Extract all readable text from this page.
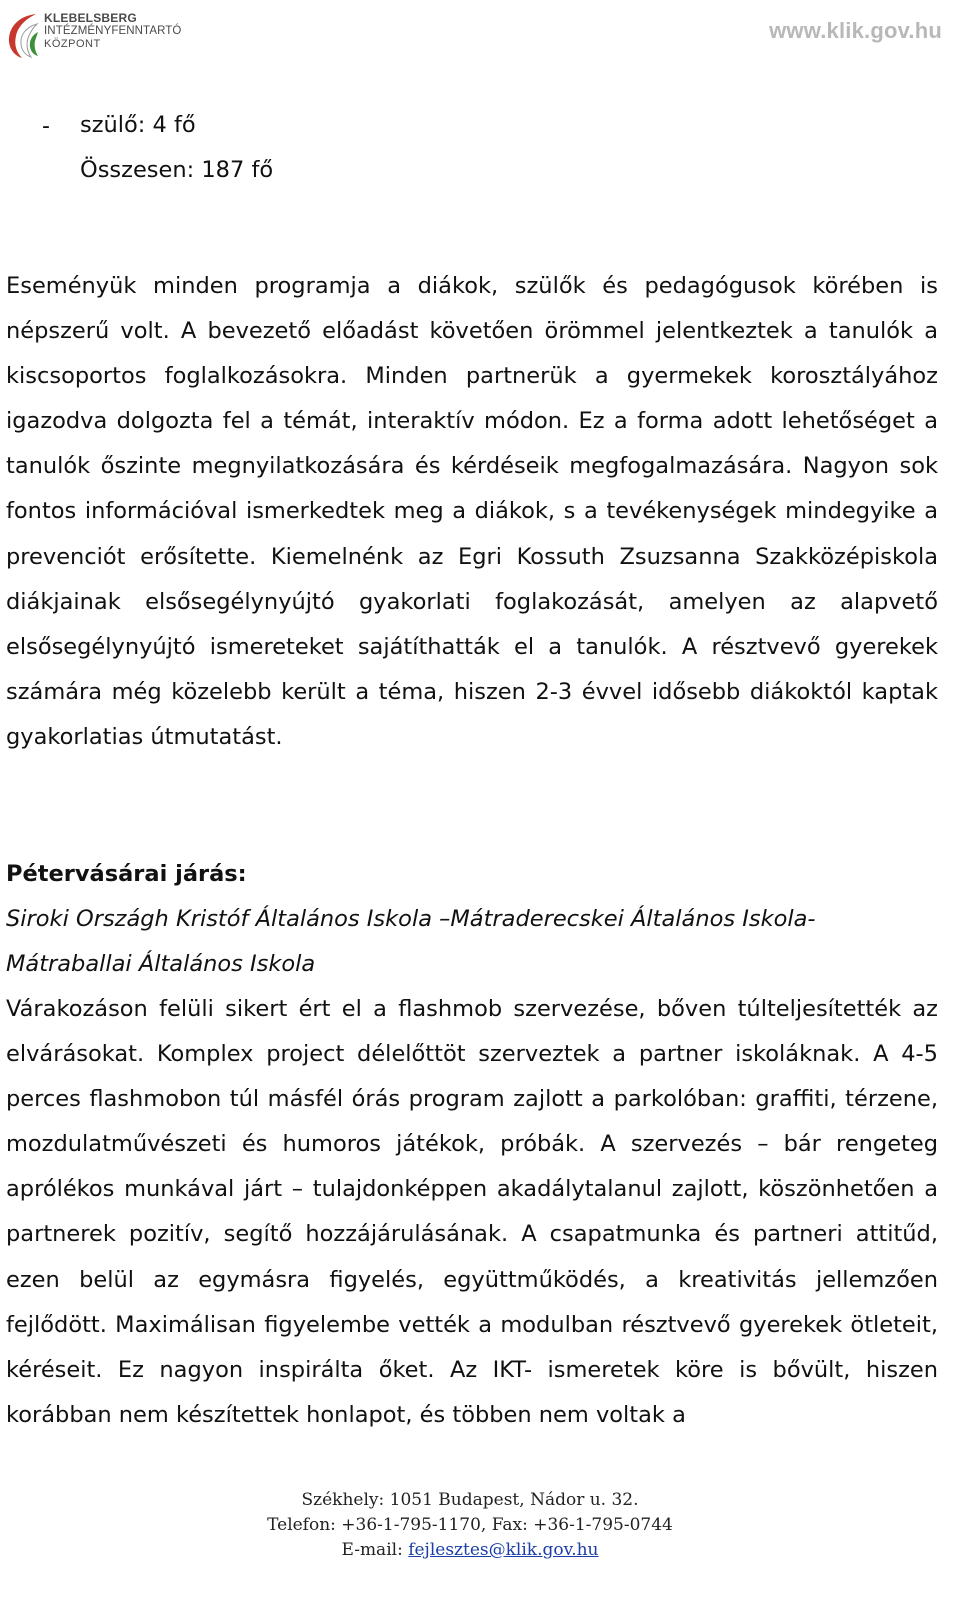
KLEBELSBERG
INTÉZMÉNYFENNTARTÓ
KÖZPONT
www.klik.gov.hu
- szülő: 4 fő
Összesen: 187 fő

Eseményük minden programja a diákok, szülők és pedagógusok körében is népszerű volt. A bevezető előadást követően örömmel jelentkeztek a tanulók a kiscsoportos foglalkozásokra. Minden partnerük a gyermekek korosztályához igazodva dolgozta fel a témát, interaktív módon. Ez a forma adott lehetőséget a tanulók őszinte megnyilatkozására és kérdéseik megfogalmazására. Nagyon sok fontos információval ismerkedtek meg a diákok, s a tevékenységek mindegyike a prevenciót erősítette. Kiemelnénk az Egri Kossuth Zsuzsanna Szakközépiskola diákjainak elsősegélynyújtó gyakorlati foglakozását, amelyen az alapvető elsősegélynyújtó ismereteket sajátíthatták el a tanulók. A résztvevő gyerekek számára még közelebb került a téma, hiszen 2-3 évvel idősebb diákoktól kaptak gyakorlatias útmutatást.

Pétervásárai járás:
Siroki Országh Kristóf Általános Iskola –Mátraderecskei Általános Iskola-Mátraballai Általános Iskola

Várakozáson felüli sikert ért el a flashmob szervezése, bőven túlteljesítették az elvárásokat. Komplex project délelőttöt szerveztek a partner iskoláknak. A 4-5 perces flashmobon túl másfél órás program zajlott a parkolóban: graffiti, térzene, mozdulatművészeti és humoros játékok, próbák. A szervezés – bár rengeteg aprólékos munkával járt – tulajdonképpen akadálytalanul zajlott, köszönhetően a partnerek pozitív, segítő hozzájárulásának. A csapatmunka és partneri attitűd, ezen belül az egymásra figyelés, együttműködés, a kreativitás jellemzően fejlődött. Maximálisan figyelembe vették a modulban résztvevő gyerekek ötleteit, kéréseit. Ez nagyon inspirálta őket. Az IKT- ismeretek köre is bővült, hiszen korábban nem készítettek honlapot, és többen nem voltak a

Székhely: 1051 Budapest, Nádor u. 32.
Telefon: +36-1-795-1170, Fax: +36-1-795-0744
E-mail: fejlesztes@klik.gov.hu
